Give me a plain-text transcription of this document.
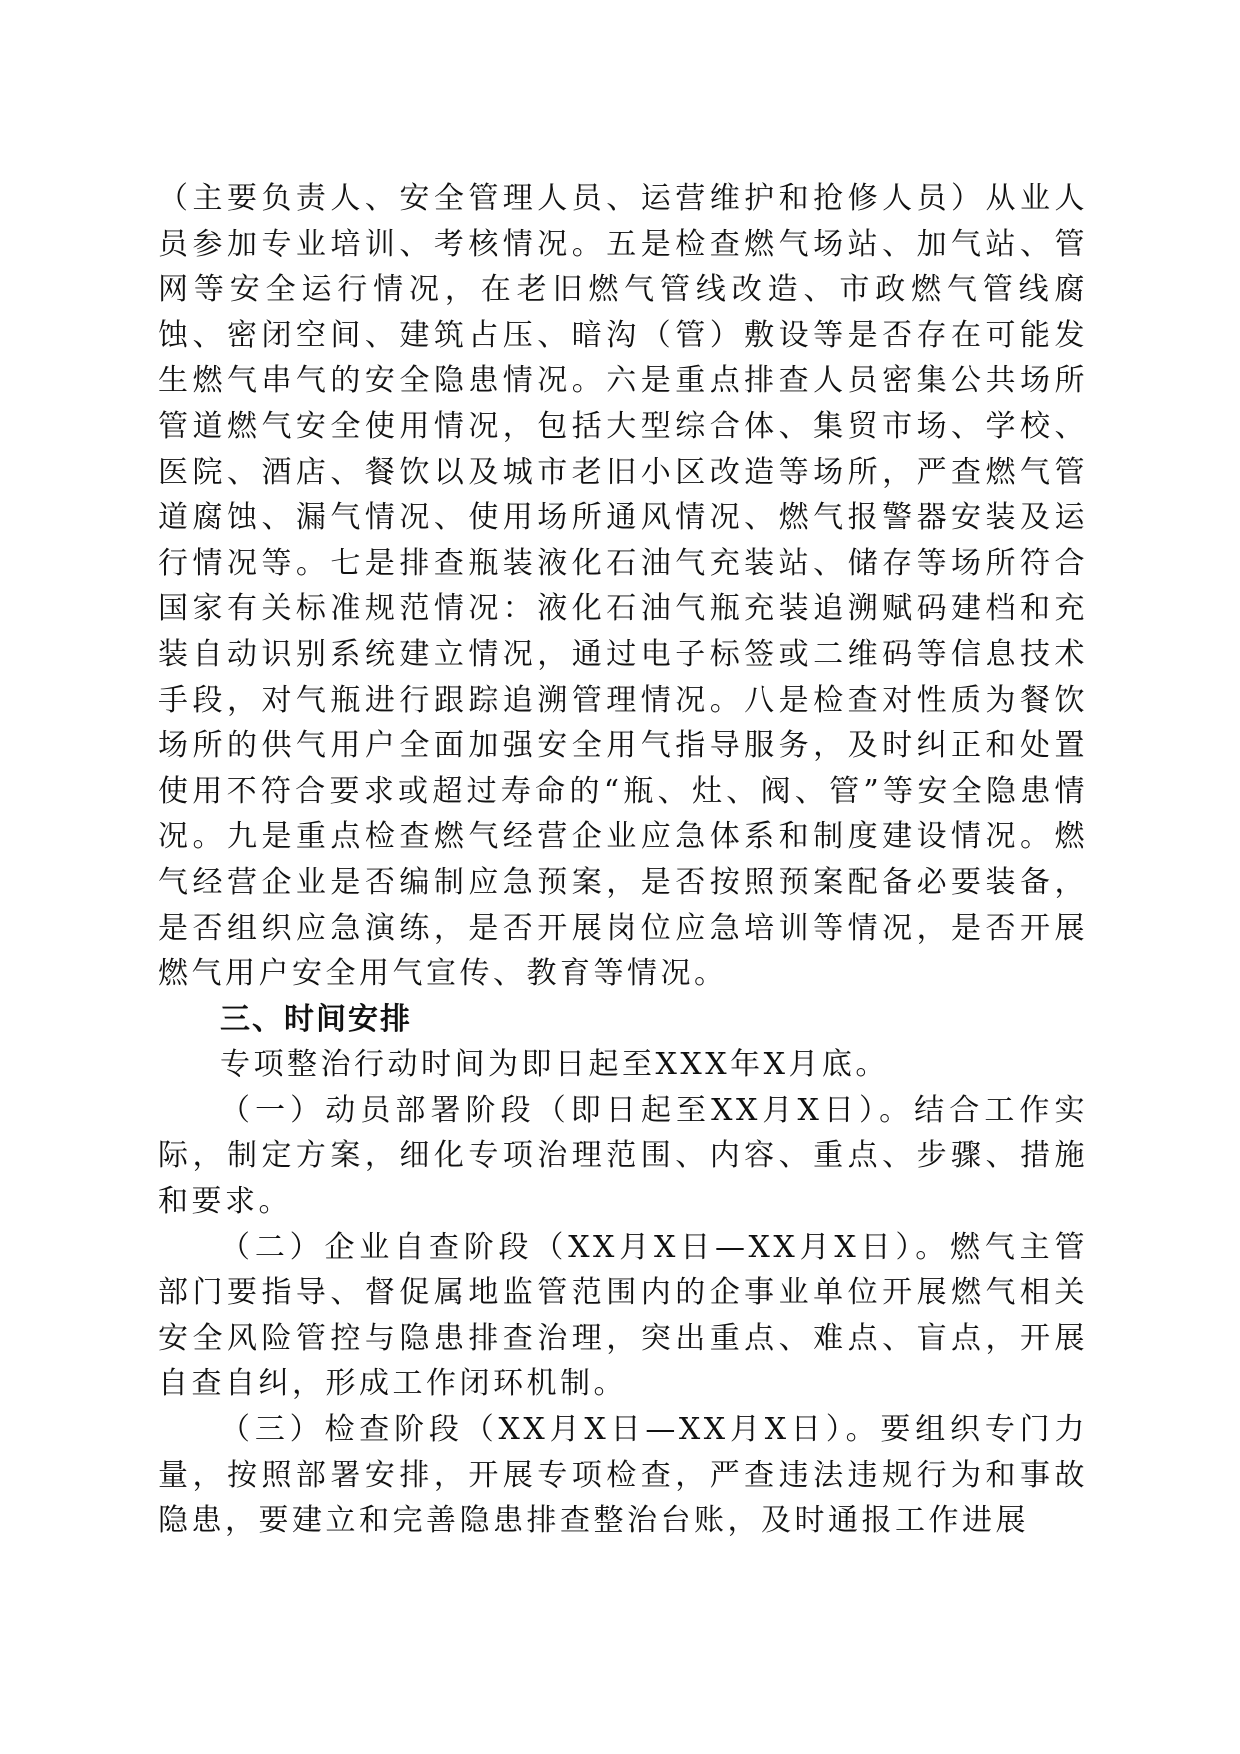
（主要负责人、安全管理人员、运营维护和抢修人员）从业人员参加专业培训、考核情况。五是检查燃气场站、加气站、管网等安全运行情况，在老旧燃气管线改造、市政燃气管线腐蚀、密闭空间、建筑占压、暗沟（管）敷设等是否存在可能发生燃气串气的安全隐患情况。六是重点排查人员密集公共场所管道燃气安全使用情况，包括大型综合体、集贸市场、学校、医院、酒店、餐饮以及城市老旧小区改造等场所，严查燃气管道腐蚀、漏气情况、使用场所通风情况、燃气报警器安装及运行情况等。七是排查瓶装液化石油气充装站、储存等场所符合国家有关标准规范情况：液化石油气瓶充装追溯赋码建档和充装自动识别系统建立情况，通过电子标签或二维码等信息技术手段，对气瓶进行跟踪追溯管理情况。八是检查对性质为餐饮场所的供气用户全面加强安全用气指导服务，及时纠正和处置使用不符合要求或超过寿命的“瓶、灶、阀、管”等安全隐患情况。九是重点检查燃气经营企业应急体系和制度建设情况。燃气经营企业是否编制应急预案，是否按照预案配备必要装备，是否组织应急演练，是否开展岗位应急培训等情况，是否开展燃气用户安全用气宣传、教育等情况。

三、时间安排

专项整治行动时间为即日起至XXX年X月底。

（一）动员部署阶段（即日起至XX月X日）。结合工作实际，制定方案，细化专项治理范围、内容、重点、步骤、措施和要求。

（二）企业自查阶段（XX月X日—XX月X日）。燃气主管部门要指导、督促属地监管范围内的企事业单位开展燃气相关安全风险管控与隐患排查治理，突出重点、难点、盲点，开展自查自纠，形成工作闭环机制。

（三）检查阶段（XX月X日—XX月X日）。要组织专门力量，按照部署安排，开展专项检查，严查违法违规行为和事故隐患，要建立和完善隐患排查整治台账，及时通报工作进展
